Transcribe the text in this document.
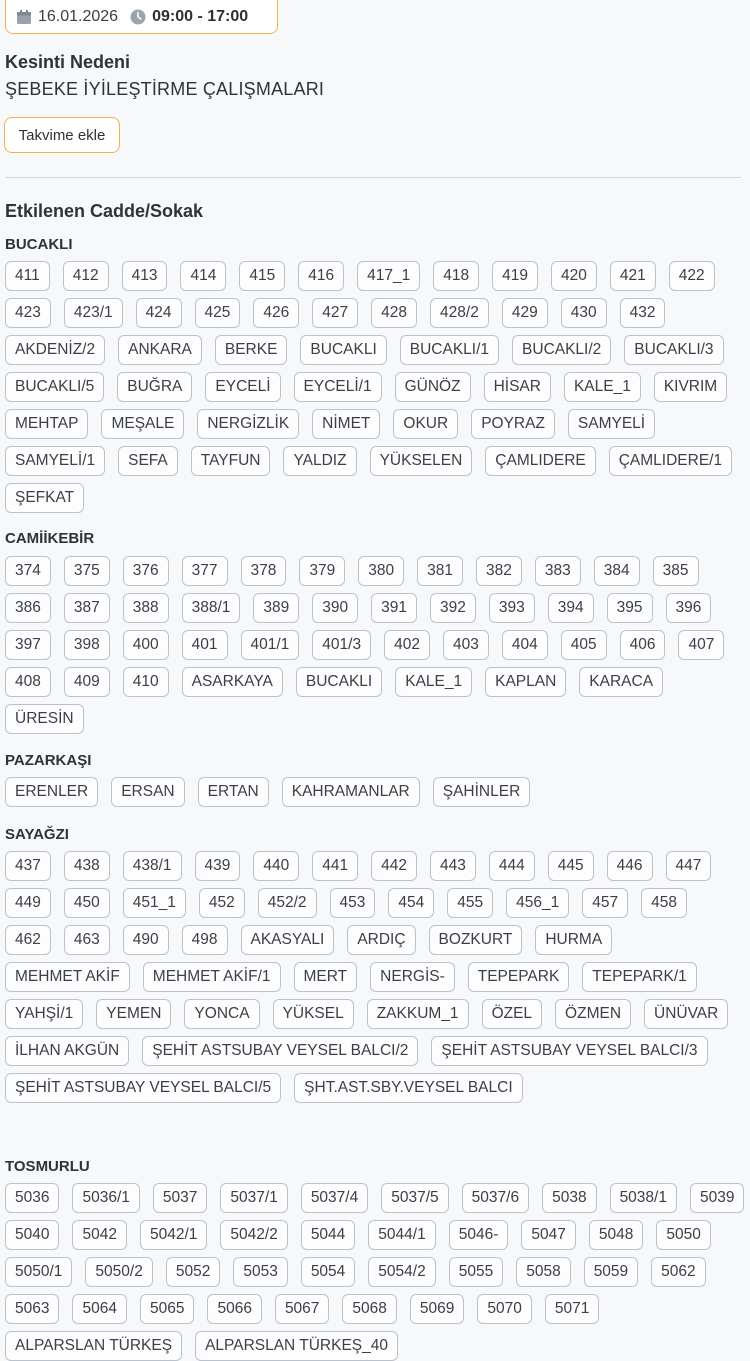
16.01.2026 09:00 - 17:00
Kesinti Nedeni
ŞEBEKE İYİLEŞTİRME ÇALIŞMALARI
Takvime ekle
Etkilenen Cadde/Sokak
BUCAKLI
411	412	413	414	415	416	417_1	418	419	420	421	422
423	423/1	424	425	426	427	428	428/2	429	430	432
AKDENİZ/2	ANKARA	BERKE	BUCAKLI	BUCAKLI/1	BUCAKLI/2	BUCAKLI/3
BUCAKLI/5	BUĞRA	EYCELİ	EYCELİ/1	GÜNÖZ	HİSAR	KALE_1	KIVRIM
MEHTAP	MEŞALE	NERGİZLİK	NİMET	OKUR	POYRAZ	SAMYELİ
SAMYELİ/1	SEFA	TAYFUN	YALDIZ	YÜKSELEN	ÇAMLIDERE	ÇAMLIDERE/1
ŞEFKAT
CAMİİKEBİR
374	375	376	377	378	379	380	381	382	383	384	385
386	387	388	388/1	389	390	391	392	393	394	395	396
397	398	400	401	401/1	401/3	402	403	404	405	406	407
408	409	410	ASARKAYA	BUCAKLI	KALE_1	KAPLAN	KARACA
ÜRESİN
PAZARKAŞI
ERENLER	ERSAN	ERTAN	KAHRAMANLAR	ŞAHİNLER
SAYAĞZI
437	438	438/1	439	440	441	442	443	444	445	446	447
449	450	451_1	452	452/2	453	454	455	456_1	457	458
462	463	490	498	AKASYALI	ARDIÇ	BOZKURT	HURMA
MEHMET AKİF	MEHMET AKİF/1	MERT	NERGİS-	TEPEPARK	TEPEPARK/1
YAHŞİ/1	YEMEN	YONCA	YÜKSEL	ZAKKUM_1	ÖZEL	ÖZMEN	ÜNÜVAR
İLHAN AKGÜN	ŞEHİT ASTSUBAY VEYSEL BALCI/2	ŞEHİT ASTSUBAY VEYSEL BALCI/3
ŞEHİT ASTSUBAY VEYSEL BALCI/5	ŞHT.AST.SBY.VEYSEL BALCI
TOSMURLU
5036	5036/1	5037	5037/1	5037/4	5037/5	5037/6	5038	5038/1	5039
5040	5042	5042/1	5042/2	5044	5044/1	5046-	5047	5048	5050
5050/1	5050/2	5052	5053	5054	5054/2	5055	5058	5059	5062
5063	5064	5065	5066	5067	5068	5069	5070	5071
ALPARSLAN TÜRKEŞ	ALPARSLAN TÜRKEŞ_40
